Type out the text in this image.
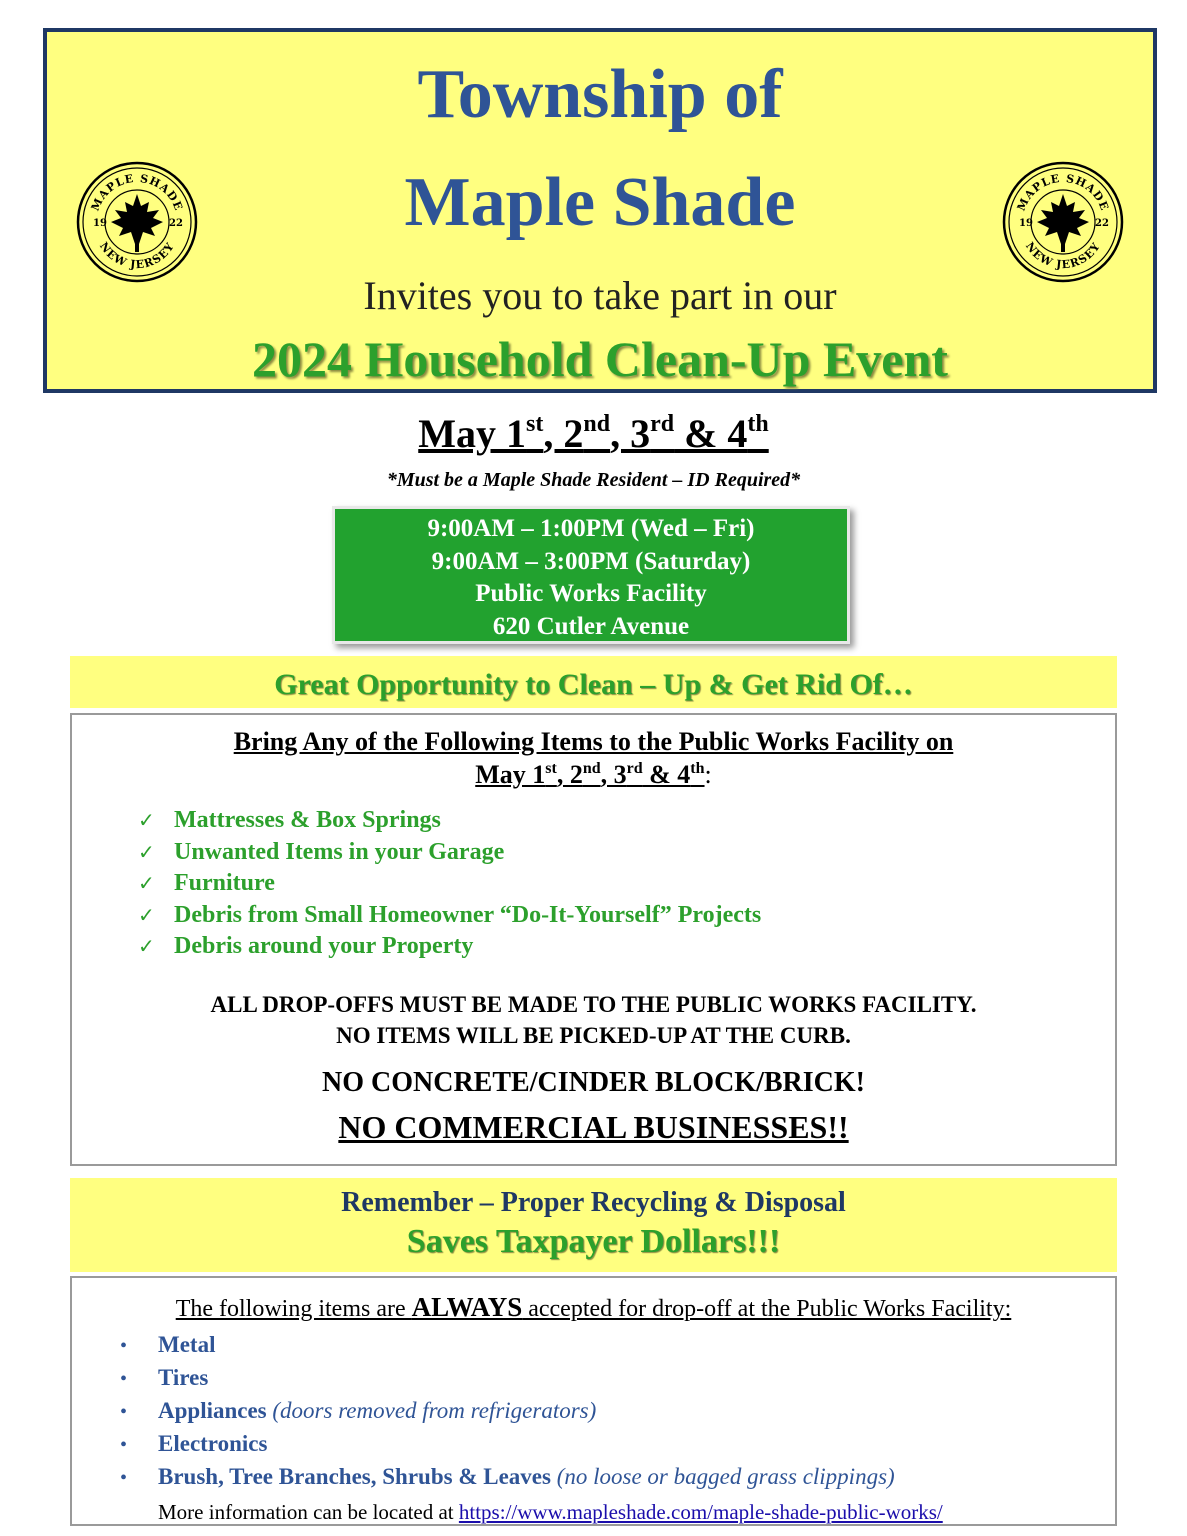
Township of
Maple Shade
Invites you to take part in our
2024 Household Clean-Up Event
MAPLE SHADE
NEW JERSEY
19	22
MAPLE SHADE
NEW JERSEY
19	22
May 1st, 2nd, 3rd & 4th
*Must be a Maple Shade Resident – ID Required*
9:00AM – 1:00PM (Wed – Fri)
9:00AM – 3:00PM (Saturday)
Public Works Facility
620 Cutler Avenue
Great Opportunity to Clean – Up & Get Rid Of…
Bring Any of the Following Items to the Public Works Facility on
May 1st, 2nd, 3rd & 4th:
✓ Mattresses & Box Springs
✓ Unwanted Items in your Garage
✓ Furniture
✓ Debris from Small Homeowner “Do-It-Yourself” Projects
✓ Debris around your Property
ALL DROP-OFFS MUST BE MADE TO THE PUBLIC WORKS FACILITY.
NO ITEMS WILL BE PICKED-UP AT THE CURB.
NO CONCRETE/CINDER BLOCK/BRICK!
NO COMMERCIAL BUSINESSES!!
Remember – Proper Recycling & Disposal
Saves Taxpayer Dollars!!!
The following items are ALWAYS accepted for drop-off at the Public Works Facility:
• Metal
• Tires
• Appliances (doors removed from refrigerators)
• Electronics
• Brush, Tree Branches, Shrubs & Leaves (no loose or bagged grass clippings)
More information can be located at https://www.mapleshade.com/maple-shade-public-works/
